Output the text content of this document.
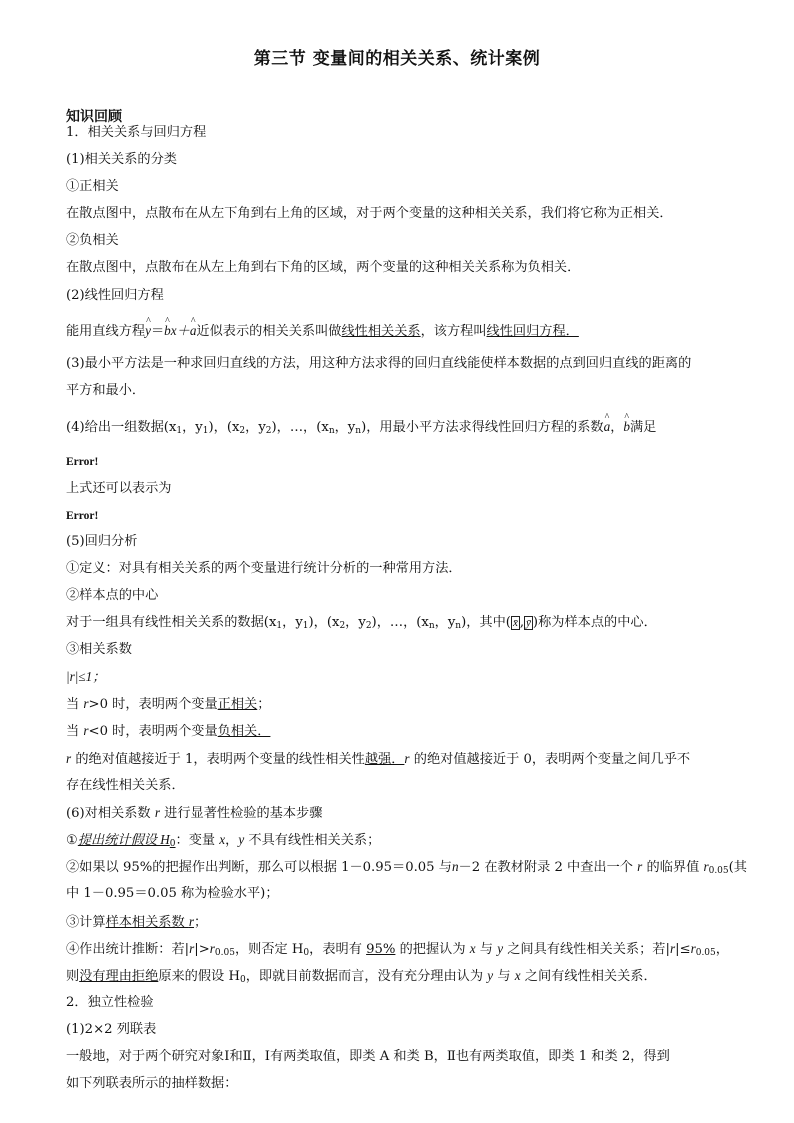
第三节 变量间的相关关系、统计案例
知识回顾
1．相关关系与回归方程
(1)相关关系的分类
①正相关
在散点图中，点散布在从左下角到右上角的区域，对于两个变量的这种相关关系，我们将它称为正相关．
②负相关
在散点图中，点散布在从左上角到右下角的区域，两个变量的这种相关关系称为负相关．
(2)线性回归方程
能用直线方程^ y＝^ bx＋^ a近似表示的相关关系叫做线性相关关系，该方程叫线性回归方程．
(3)最小平方法是一种求回归直线的方法，用这种方法求得的回归直线能使样本数据的点到回归直线的距离的
平方和最小．
(4)给出一组数据($x_1$，$y_1$)，($x_2$，$y_2$)，…，($x_n$，$y_n$)，用最小平方法求得线性回归方程的系数^ a，^ b满足
Error!
上式还可以表示为
Error!
(5)回归分析
①定义：对具有相关关系的两个变量进行统计分析的一种常用方法．
②样本点的中心
对于一组具有线性相关关系的数据($x_1$，$y_1$)，($x_2$，$y_2$)，…，($x_n$，$y_n$)，其中( x̄ , ȳ )称为样本点的中心．
③相关系数
|r|≤1；
当 r>0 时，表明两个变量正相关；
当 r<0 时，表明两个变量负相关．
r 的绝对值越接近于 1，表明两个变量的线性相关性越强．r 的绝对值越接近于 0，表明两个变量之间几乎不
存在线性相关关系．
(6)对相关系数 r 进行显著性检验的基本步骤
①提出统计假设 $H_0$：变量 x，y 不具有线性相关关系；
②如果以 95%的把握作出判断，那么可以根据 1－0.95＝0.05 与n－2 在教材附录 2 中查出一个 r 的临界值 $r_{0.05}$(其
中 1－0.95＝0.05 称为检验水平)；
③计算样本相关系数 r；
④作出统计推断：若$|r|>r_{0.05}$，则否定 $H_0$，表明有 95% 的把握认为 x 与 y 之间具有线性相关关系；若$|r|\le r_{0.05}$，
则没有理由拒绝原来的假设 $H_0$，即就目前数据而言，没有充分理由认为 y 与 x 之间有线性相关关系．
2．独立性检验
(1)2×2 列联表
一般地，对于两个研究对象Ⅰ和Ⅱ，Ⅰ有两类取值，即类 A 和类 B，Ⅱ也有两类取值，即类 1 和类 2，得到
如下列联表所示的抽样数据：
